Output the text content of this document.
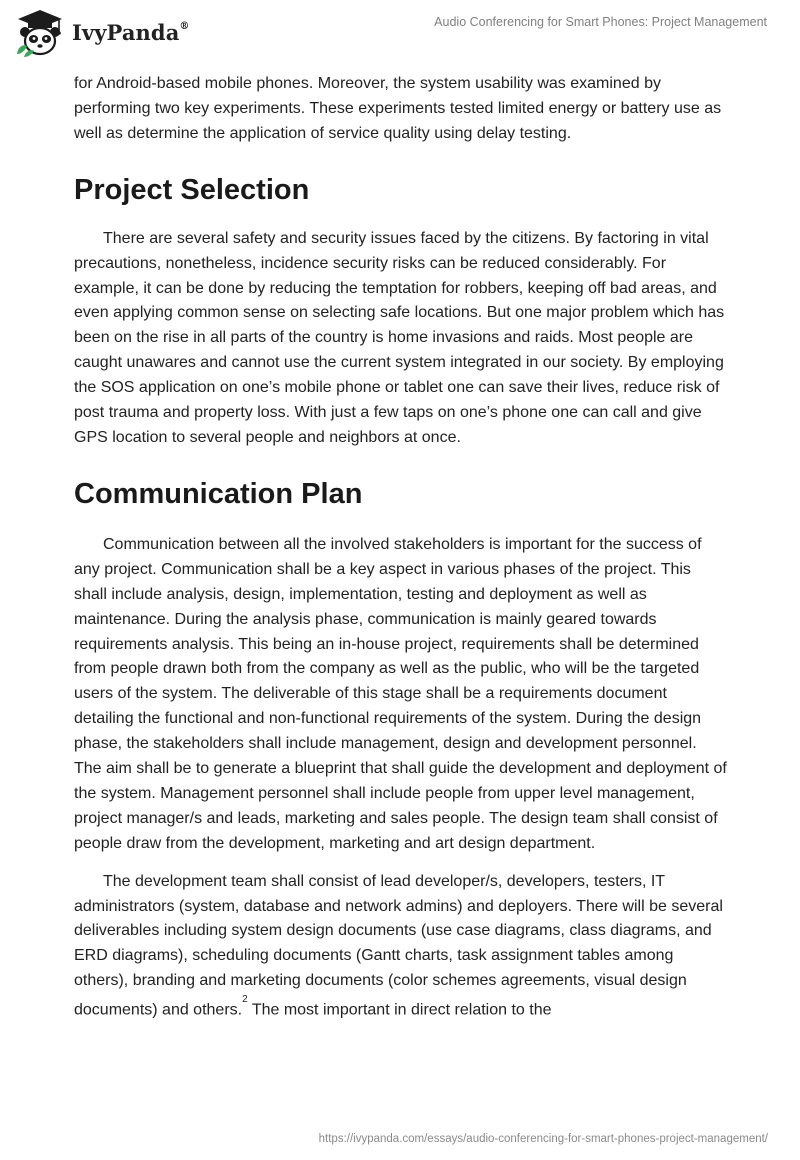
IvyPanda®	Audio Conferencing for Smart Phones: Project Management

for Android-based mobile phones. Moreover, the system usability was examined by performing two key experiments. These experiments tested limited energy or battery use as well as determine the application of service quality using delay testing.

Project Selection

There are several safety and security issues faced by the citizens. By factoring in vital precautions, nonetheless, incidence security risks can be reduced considerably. For example, it can be done by reducing the temptation for robbers, keeping off bad areas, and even applying common sense on selecting safe locations. But one major problem which has been on the rise in all parts of the country is home invasions and raids. Most people are caught unawares and cannot use the current system integrated in our society. By employing the SOS application on one’s mobile phone or tablet one can save their lives, reduce risk of post trauma and property loss. With just a few taps on one’s phone one can call and give GPS location to several people and neighbors at once.

Communication Plan

Communication between all the involved stakeholders is important for the success of any project. Communication shall be a key aspect in various phases of the project. This shall include analysis, design, implementation, testing and deployment as well as maintenance. During the analysis phase, communication is mainly geared towards requirements analysis. This being an in-house project, requirements shall be determined from people drawn both from the company as well as the public, who will be the targeted users of the system. The deliverable of this stage shall be a requirements document detailing the functional and non-functional requirements of the system. During the design phase, the stakeholders shall include management, design and development personnel. The aim shall be to generate a blueprint that shall guide the development and deployment of the system. Management personnel shall include people from upper level management, project manager/s and leads, marketing and sales people. The design team shall consist of people draw from the development, marketing and art design department.

The development team shall consist of lead developer/s, developers, testers, IT administrators (system, database and network admins) and deployers. There will be several deliverables including system design documents (use case diagrams, class diagrams, and ERD diagrams), scheduling documents (Gantt charts, task assignment tables among others), branding and marketing documents (color schemes agreements, visual design documents) and others.$^2$ The most important in direct relation to the

https://ivypanda.com/essays/audio-conferencing-for-smart-phones-project-management/
